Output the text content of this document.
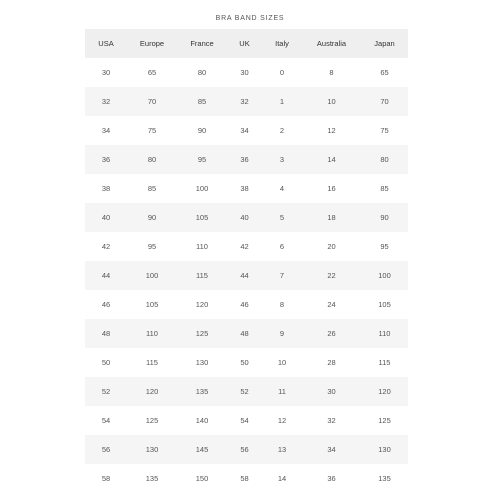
BRA BAND SIZES
USA	Europe	France	UK	Italy	Australia	Japan
30	65	80	30	0	8	65
32	70	85	32	1	10	70
34	75	90	34	2	12	75
36	80	95	36	3	14	80
38	85	100	38	4	16	85
40	90	105	40	5	18	90
42	95	110	42	6	20	95
44	100	115	44	7	22	100
46	105	120	46	8	24	105
48	110	125	48	9	26	110
50	115	130	50	10	28	115
52	120	135	52	11	30	120
54	125	140	54	12	32	125
56	130	145	56	13	34	130
58	135	150	58	14	36	135
